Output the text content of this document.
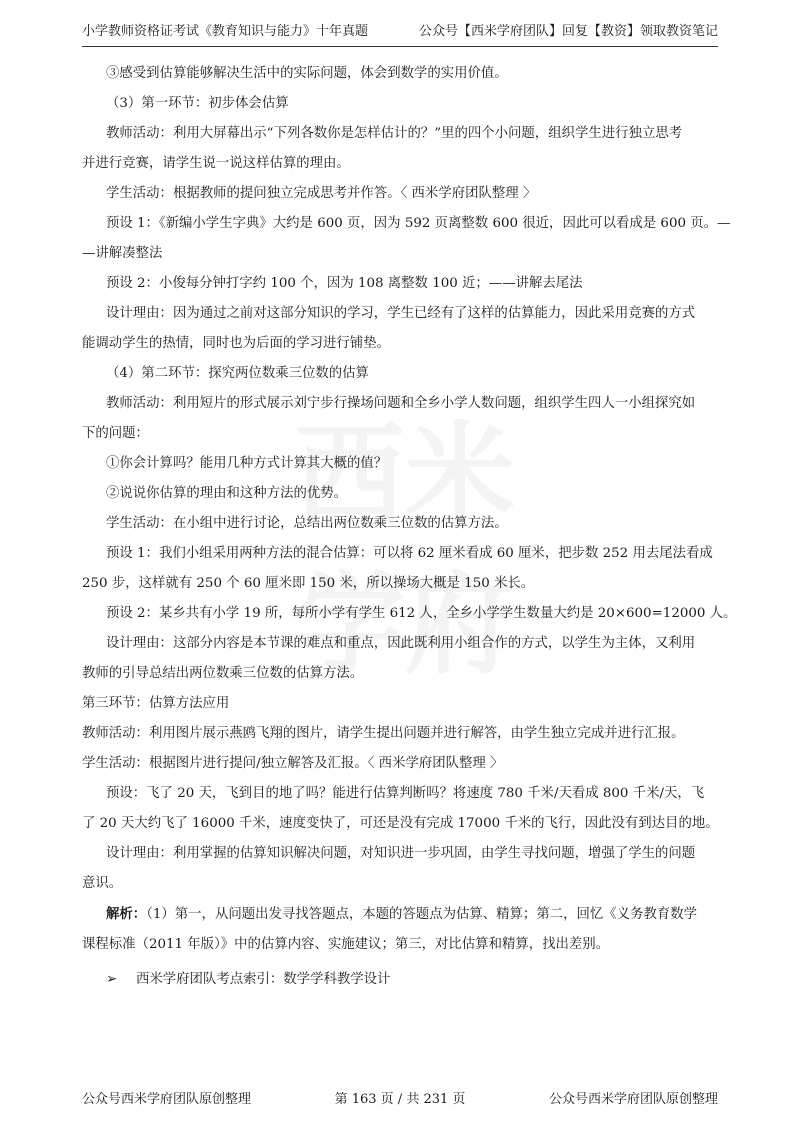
小学教师资格证考试《教育知识与能力》十年真题	公众号【西米学府团队】回复【教资】领取教资笔记
③感受到估算能够解决生活中的实际问题，体会到数学的实用价值。
（3）第一环节：初步体会估算
教师活动：利用大屏幕出示“下列各数你是怎样估计的？”里的四个小问题，组织学生进行独立思考
并进行竞赛，请学生说一说这样估算的理由。
学生活动：根据教师的提问独立完成思考并作答。〈 西米学府团队整理 〉
预设 1：《新编小学生字典》大约是 600 页，因为 592 页离整数 600 很近，因此可以看成是 600 页。—
—讲解凑整法
预设 2：小俊每分钟打字约 100 个，因为 108 离整数 100 近；——讲解去尾法
设计理由：因为通过之前对这部分知识的学习，学生已经有了这样的估算能力，因此采用竞赛的方式
能调动学生的热情，同时也为后面的学习进行铺垫。
（4）第二环节：探究两位数乘三位数的估算
教师活动：利用短片的形式展示刘宁步行操场问题和全乡小学人数问题，组织学生四人一小组探究如
下的问题：
①你会计算吗？能用几种方式计算其大概的值？
②说说你估算的理由和这种方法的优势。
学生活动：在小组中进行讨论，总结出两位数乘三位数的估算方法。
预设 1：我们小组采用两种方法的混合估算：可以将 62 厘米看成 60 厘米，把步数 252 用去尾法看成
250 步，这样就有 250 个 60 厘米即 150 米，所以操场大概是 150 米长。
预设 2：某乡共有小学 19 所，每所小学有学生 612 人，全乡小学学生数量大约是 20×600=12000 人。
设计理由：这部分内容是本节课的难点和重点，因此既利用小组合作的方式，以学生为主体，又利用
教师的引导总结出两位数乘三位数的估算方法。
第三环节：估算方法应用
教师活动：利用图片展示燕鸥飞翔的图片，请学生提出问题并进行解答，由学生独立完成并进行汇报。
学生活动：根据图片进行提问/独立解答及汇报。〈 西米学府团队整理 〉
预设：飞了 20 天，飞到目的地了吗？能进行估算判断吗？将速度 780 千米/天看成 800 千米/天，飞
了 20 天大约飞了 16000 千米，速度变快了，可还是没有完成 17000 千米的飞行，因此没有到达目的地。
设计理由：利用掌握的估算知识解决问题，对知识进一步巩固，由学生寻找问题，增强了学生的问题
意识。
解析：（1）第一，从问题出发寻找答题点，本题的答题点为估算、精算；第二，回忆《义务教育数学
课程标准（2011 年版）》中的估算内容、实施建议；第三，对比估算和精算，找出差别。
➢ 西米学府团队考点索引：数学学科教学设计
公众号西米学府团队原创整理	第 163 页 / 共 231 页	公众号西米学府团队原创整理
